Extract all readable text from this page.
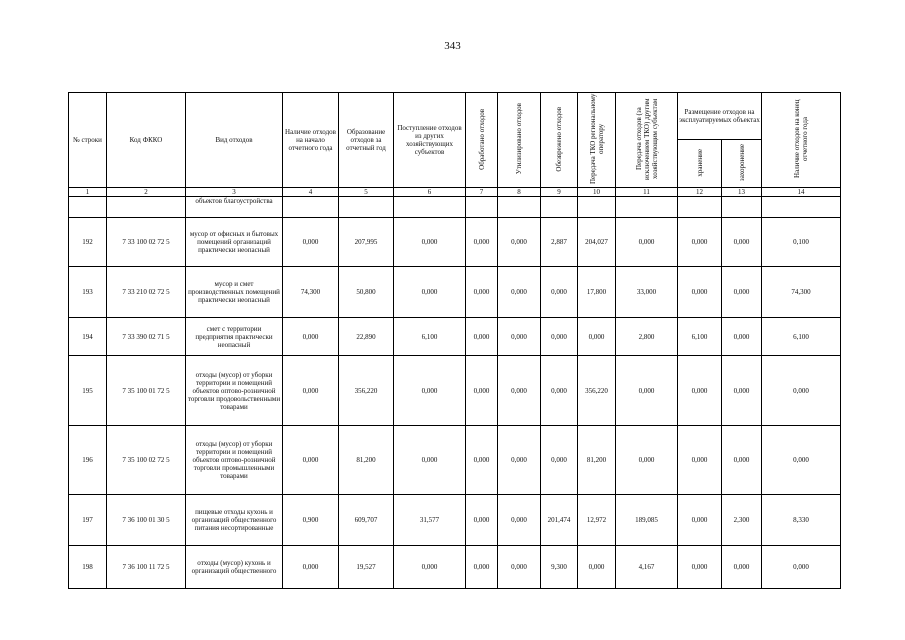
343
№ строки	Код ФККО	Вид отходов	Наличие отходов на начало отчетного года	Образование отходов за отчетный год	Поступление отходов из других хозяйствующих субъектов	Обработано отходов	Утилизировано отходов	Обезврежено отходов	Передача ТКО региональному оператору	Передача отходов (за исключением ТКО) другим хозяйствующим субъектам	Размещение отходов на эксплуатируемых объектах		Наличие отходов на конец отчетного года
											хранение	захоронение	
1	2	3	4	5	6	7	8	9	10	11	12	13	14
		объектов благоустройства											
192	7 33 100 02 72 5	мусор от офисных и бытовых помещений организаций практически неопасный	0,000	207,995	0,000	0,000	0,000	2,887	204,027	0,000	0,000	0,000	0,100
193	7 33 210 02 72 5	мусор и смет производственных помещений практически неопасный	74,300	50,800	0,000	0,000	0,000	0,000	17,800	33,000	0,000	0,000	74,300
194	7 33 390 02 71 5	смет с территории предприятия практически неопасный	0,000	22,890	6,100	0,000	0,000	0,000	0,000	2,800	6,100	0,000	6,100
195	7 35 100 01 72 5	отходы (мусор) от уборки территории и помещений объектов оптово-розничной торговли продовольственными товарами	0,000	356,220	0,000	0,000	0,000	0,000	356,220	0,000	0,000	0,000	0,000
196	7 35 100 02 72 5	отходы (мусор) от уборки территории и помещений объектов оптово-розничной торговли промышленными товарами	0,000	81,200	0,000	0,000	0,000	0,000	81,200	0,000	0,000	0,000	0,000
197	7 36 100 01 30 5	пищевые отходы кухонь и организаций общественного питания несортированные	0,900	609,707	31,577	0,000	0,000	201,474	12,972	189,085	0,000	2,300	8,330
198	7 36 100 11 72 5	отходы (мусор) кухонь и организаций общественного	0,000	19,527	0,000	0,000	0,000	9,300	0,000	4,167	0,000	0,000	0,000
